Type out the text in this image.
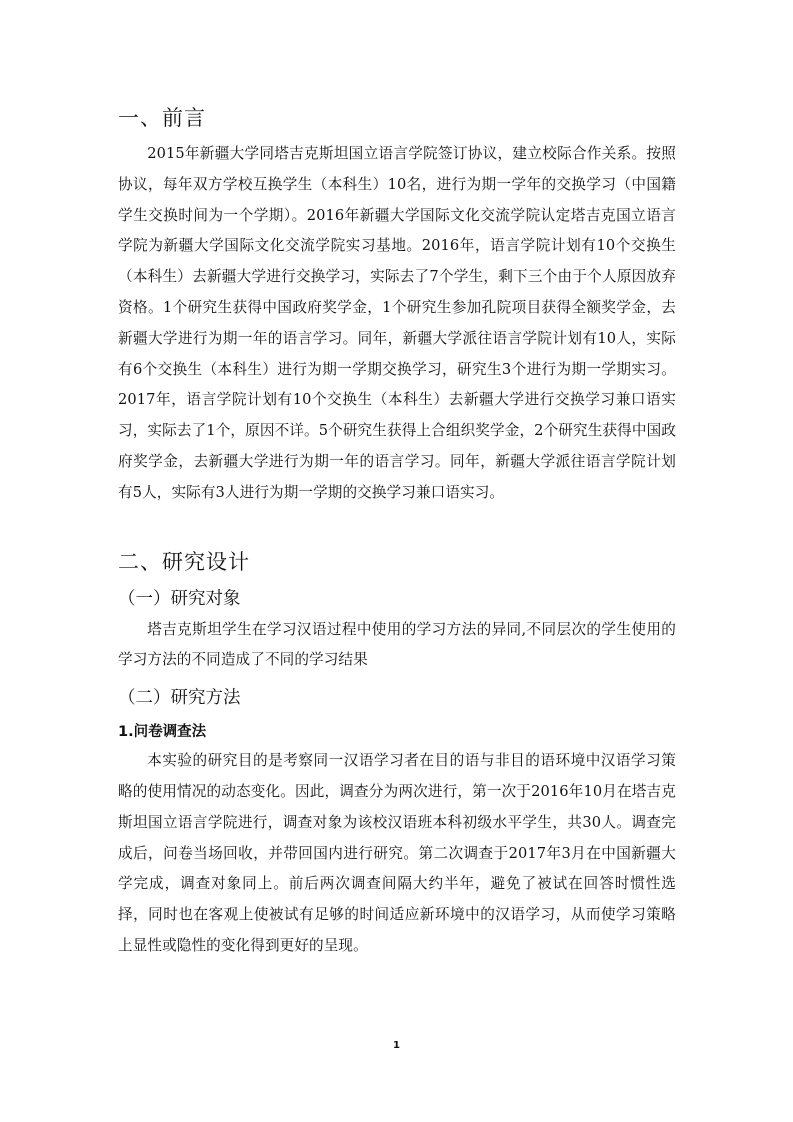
一、前言

2015年新疆大学同塔吉克斯坦国立语言学院签订协议，建立校际合作关系。按照协议，每年双方学校互换学生（本科生）10名，进行为期一学年的交换学习（中国籍学生交换时间为一个学期）。2016年新疆大学国际文化交流学院认定塔吉克国立语言学院为新疆大学国际文化交流学院实习基地。2016年，语言学院计划有10个交换生（本科生）去新疆大学进行交换学习，实际去了7个学生，剩下三个由于个人原因放弃资格。1个研究生获得中国政府奖学金，1个研究生参加孔院项目获得全额奖学金，去新疆大学进行为期一年的语言学习。同年，新疆大学派往语言学院计划有10人，实际有6个交换生（本科生）进行为期一学期交换学习，研究生3个进行为期一学期实习。2017年，语言学院计划有10个交换生（本科生）去新疆大学进行交换学习兼口语实习，实际去了1个，原因不详。5个研究生获得上合组织奖学金，2个研究生获得中国政府奖学金，去新疆大学进行为期一年的语言学习。同年，新疆大学派往语言学院计划有5人，实际有3人进行为期一学期的交换学习兼口语实习。

二、研究设计
（一）研究对象

塔吉克斯坦学生在学习汉语过程中使用的学习方法的异同,不同层次的学生使用的学习方法的不同造成了不同的学习结果

（二）研究方法
1.问卷调查法

本实验的研究目的是考察同一汉语学习者在目的语与非目的语环境中汉语学习策略的使用情况的动态变化。因此，调查分为两次进行，第一次于2016年10月在塔吉克斯坦国立语言学院进行，调查对象为该校汉语班本科初级水平学生，共30人。调查完成后，问卷当场回收，并带回国内进行研究。第二次调查于2017年3月在中国新疆大学完成，调查对象同上。前后两次调查间隔大约半年，避免了被试在回答时惯性选择，同时也在客观上使被试有足够的时间适应新环境中的汉语学习，从而使学习策略上显性或隐性的变化得到更好的呈现。

1
